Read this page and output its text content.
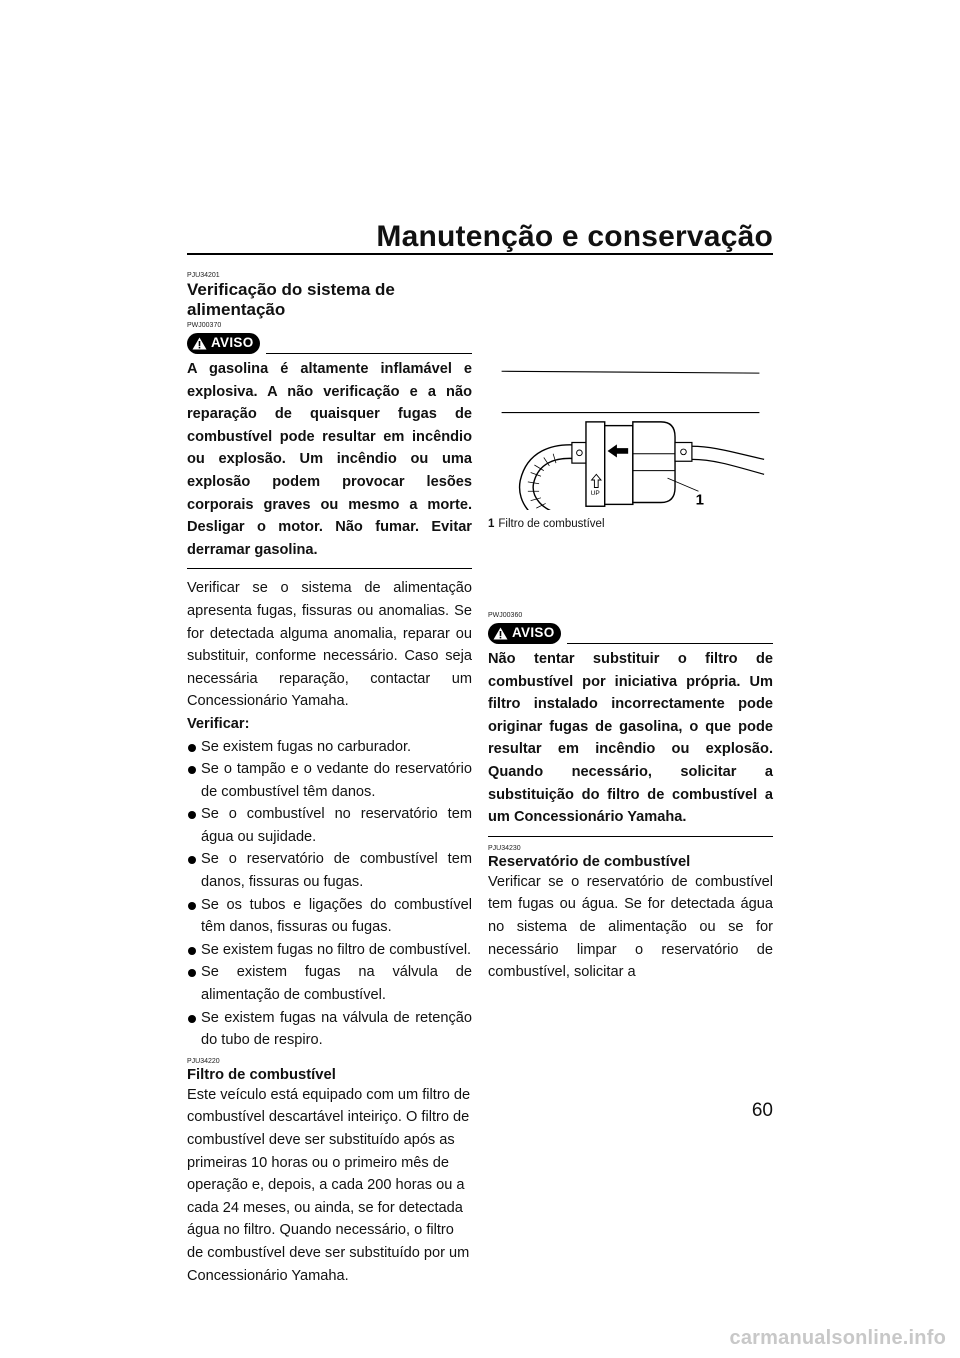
Manutenção e conservação

PJU34201

Verificação do sistema de alimentação

PWJ00370

AVISO

A gasolina é altamente inflamável e explosiva. A não verificação e a não reparação de quaisquer fugas de combustível pode resultar em incêndio ou explosão. Um incêndio ou uma explosão podem provocar lesões corporais graves ou mesmo a morte. Desligar o motor. Não fumar. Evitar derramar gasolina.

Verificar se o sistema de alimentação apresenta fugas, fissuras ou anomalias. Se for detectada alguma anomalia, reparar ou substituir, conforme necessário. Caso seja necessária reparação, contactar um Concessionário Yamaha.

Verificar:

Se existem fugas no carburador.
Se o tampão e o vedante do reservatório de combustível têm danos.
Se o combustível no reservatório tem água ou sujidade.
Se o reservatório de combustível tem danos, fissuras ou fugas.
Se os tubos e ligações do combustível têm danos, fissuras ou fugas.
Se existem fugas no filtro de combustível.
Se existem fugas na válvula de alimentação de combustível.
Se existem fugas na válvula de retenção do tubo de respiro.

PJU34220

Filtro de combustível

Este veículo está equipado com um filtro de combustível descartável inteiriço. O filtro de combustível deve ser substituído após as primeiras 10 horas ou o primeiro mês de operação e, depois, a cada 200 horas ou a cada 24 meses, ou ainda, se for detectada água no filtro. Quando necessário, o filtro de combustível deve ser substituído por um Concessionário Yamaha.

PWJ00360

AVISO

Não tentar substituir o filtro de combustível por iniciativa própria. Um filtro instalado incorrectamente pode originar fugas de gasolina, o que pode resultar em incêndio ou explosão. Quando necessário, solicitar a substituição do filtro de combustível a um Concessionário Yamaha.

PJU34230

Reservatório de combustível

Verificar se o reservatório de combustível tem fugas ou água. Se for detectada água no sistema de alimentação ou se for necessário limpar o reservatório de combustível, solicitar a

UP	1
1 Filtro de combustível
60
carmanualsonline.info
